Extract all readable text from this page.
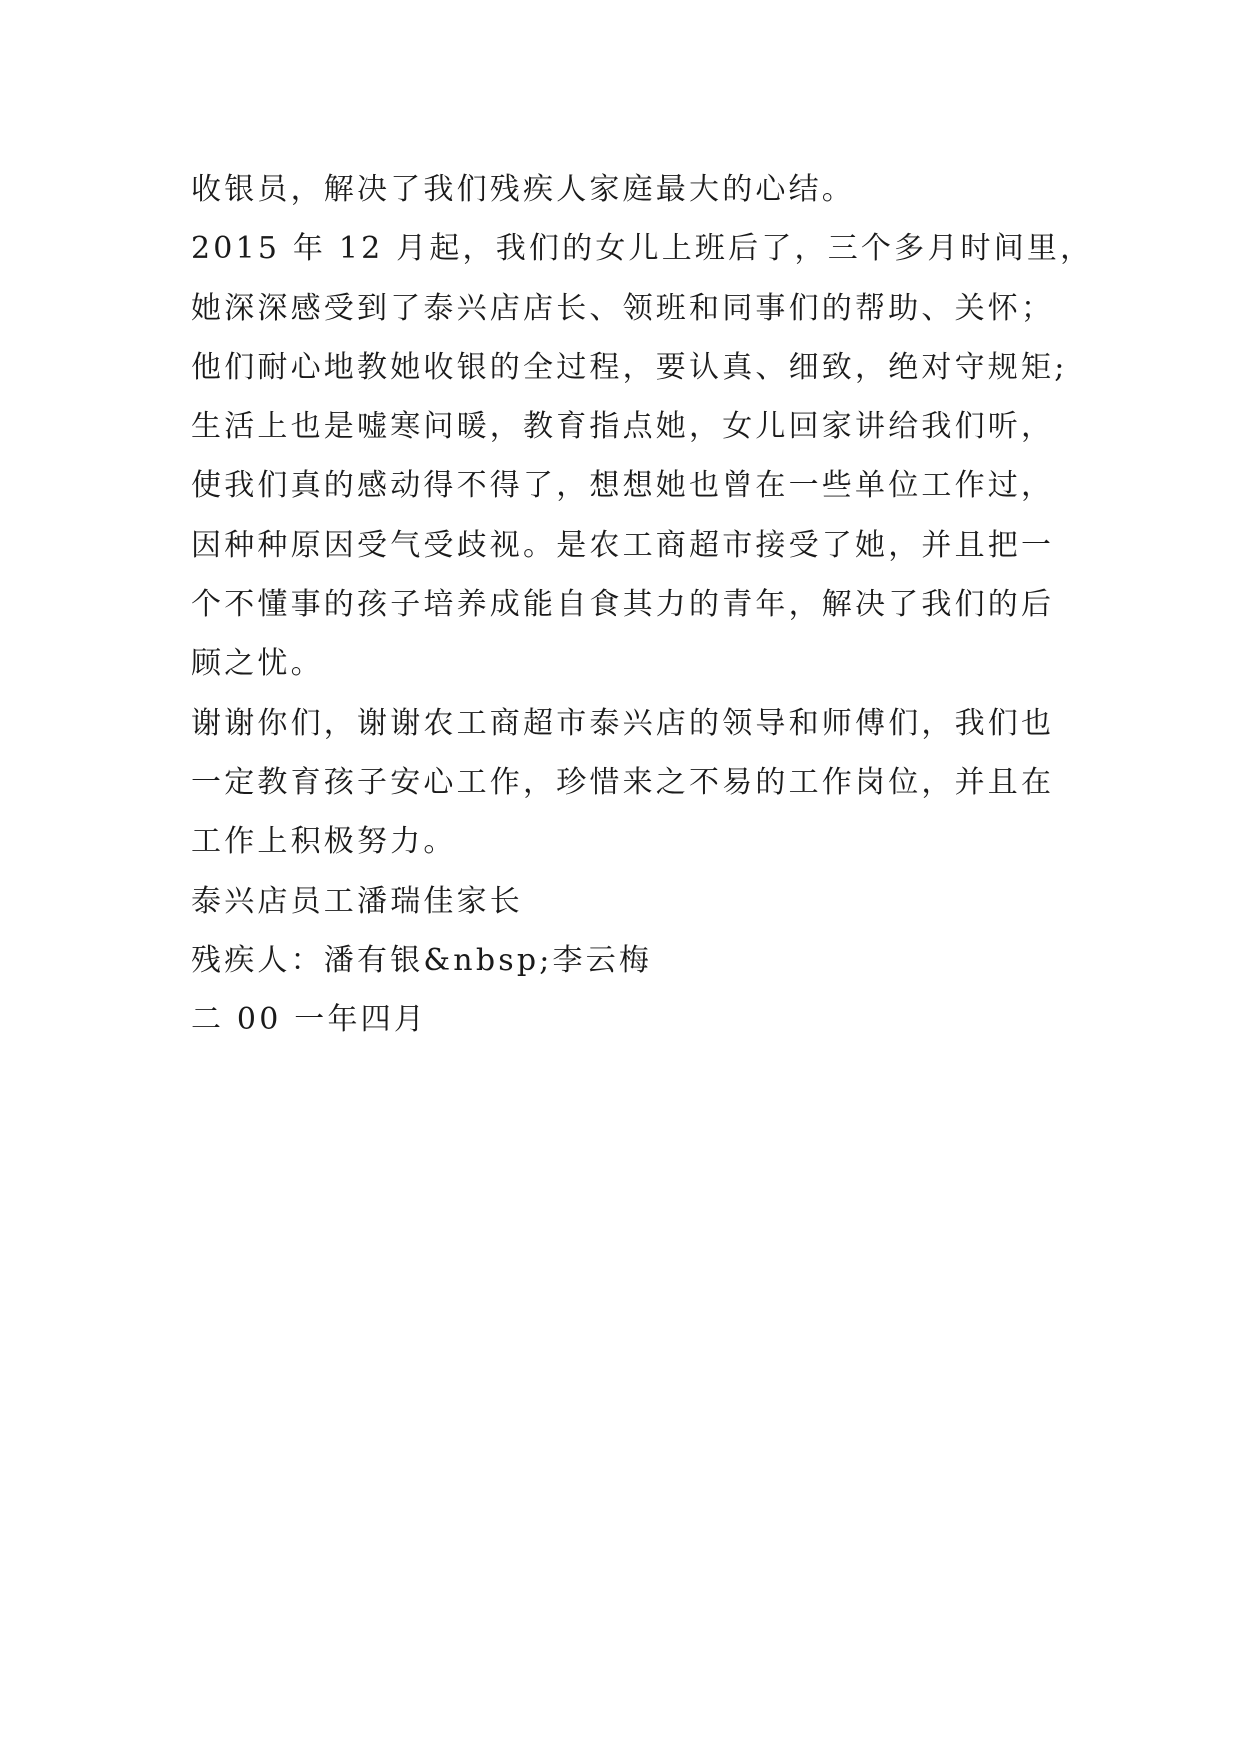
收银员，解决了我们残疾人家庭最大的心结。
2015 年 12 月起，我们的女儿上班后了，三个多月时间里，
她深深感受到了泰兴店店长、领班和同事们的帮助、关怀；
他们耐心地教她收银的全过程，要认真、细致，绝对守规矩;
生活上也是嘘寒问暖，教育指点她，女儿回家讲给我们听，
使我们真的感动得不得了，想想她也曾在一些单位工作过，
因种种原因受气受歧视。是农工商超市接受了她，并且把一
个不懂事的孩子培养成能自食其力的青年，解决了我们的后
顾之忧。
谢谢你们，谢谢农工商超市泰兴店的领导和师傅们，我们也
一定教育孩子安心工作，珍惜来之不易的工作岗位，并且在
工作上积极努力。
泰兴店员工潘瑞佳家长
残疾人：潘有银&nbsp;李云梅
二 00 一年四月
